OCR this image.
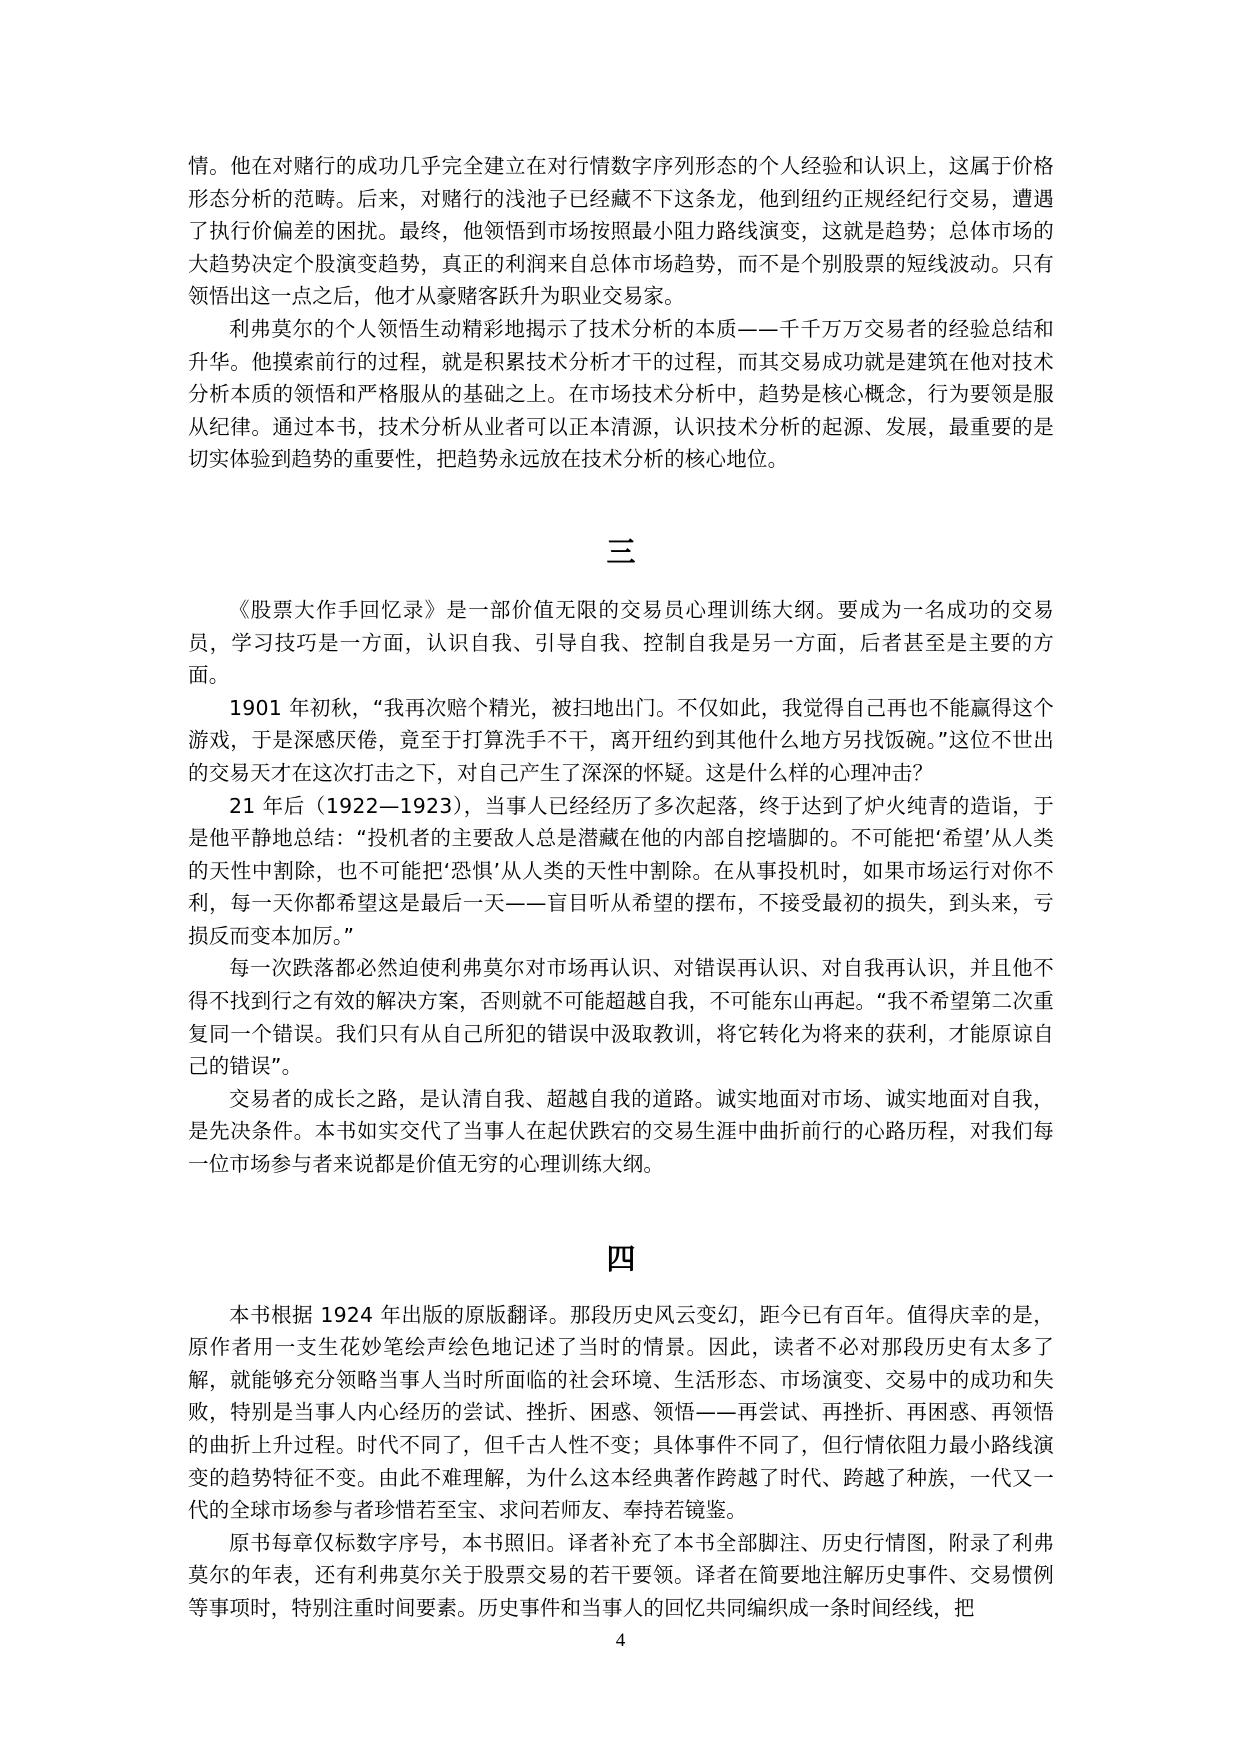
情。他在对赌行的成功几乎完全建立在对行情数字序列形态的个人经验和认识上，这属于价格形态分析的范畴。后来，对赌行的浅池子已经藏不下这条龙，他到纽约正规经纪行交易，遭遇了执行价偏差的困扰。最终，他领悟到市场按照最小阻力路线演变，这就是趋势；总体市场的大趋势决定个股演变趋势，真正的利润来自总体市场趋势，而不是个别股票的短线波动。只有领悟出这一点之后，他才从豪赌客跃升为职业交易家。

利弗莫尔的个人领悟生动精彩地揭示了技术分析的本质——千千万万交易者的经验总结和升华。他摸索前行的过程，就是积累技术分析才干的过程，而其交易成功就是建筑在他对技术分析本质的领悟和严格服从的基础之上。在市场技术分析中，趋势是核心概念，行为要领是服从纪律。通过本书，技术分析从业者可以正本清源，认识技术分析的起源、发展，最重要的是切实体验到趋势的重要性，把趋势永远放在技术分析的核心地位。

三

《股票大作手回忆录》是一部价值无限的交易员心理训练大纲。要成为一名成功的交易员，学习技巧是一方面，认识自我、引导自我、控制自我是另一方面，后者甚至是主要的方面。

1901 年初秋，“我再次赔个精光，被扫地出门。不仅如此，我觉得自己再也不能赢得这个游戏，于是深感厌倦，竟至于打算洗手不干，离开纽约到其他什么地方另找饭碗。”这位不世出的交易天才在这次打击之下，对自己产生了深深的怀疑。这是什么样的心理冲击？

21 年后（1922—1923），当事人已经经历了多次起落，终于达到了炉火纯青的造诣，于是他平静地总结：“投机者的主要敌人总是潜藏在他的内部自挖墙脚的。不可能把‘希望’从人类的天性中割除，也不可能把‘恐惧’从人类的天性中割除。在从事投机时，如果市场运行对你不利，每一天你都希望这是最后一天——盲目听从希望的摆布，不接受最初的损失，到头来，亏损反而变本加厉。”

每一次跌落都必然迫使利弗莫尔对市场再认识、对错误再认识、对自我再认识，并且他不得不找到行之有效的解决方案，否则就不可能超越自我，不可能东山再起。“我不希望第二次重复同一个错误。我们只有从自己所犯的错误中汲取教训，将它转化为将来的获利，才能原谅自己的错误”。

交易者的成长之路，是认清自我、超越自我的道路。诚实地面对市场、诚实地面对自我，是先决条件。本书如实交代了当事人在起伏跌宕的交易生涯中曲折前行的心路历程，对我们每一位市场参与者来说都是价值无穷的心理训练大纲。

四

本书根据 1924 年出版的原版翻译。那段历史风云变幻，距今已有百年。值得庆幸的是，原作者用一支生花妙笔绘声绘色地记述了当时的情景。因此，读者不必对那段历史有太多了解，就能够充分领略当事人当时所面临的社会环境、生活形态、市场演变、交易中的成功和失败，特别是当事人内心经历的尝试、挫折、困惑、领悟——再尝试、再挫折、再困惑、再领悟的曲折上升过程。时代不同了，但千古人性不变；具体事件不同了，但行情依阻力最小路线演变的趋势特征不变。由此不难理解，为什么这本经典著作跨越了时代、跨越了种族，一代又一代的全球市场参与者珍惜若至宝、求问若师友、奉持若镜鉴。

原书每章仅标数字序号，本书照旧。译者补充了本书全部脚注、历史行情图，附录了利弗莫尔的年表，还有利弗莫尔关于股票交易的若干要领。译者在简要地注解历史事件、交易惯例等事项时，特别注重时间要素。历史事件和当事人的回忆共同编织成一条时间经线，把

4
